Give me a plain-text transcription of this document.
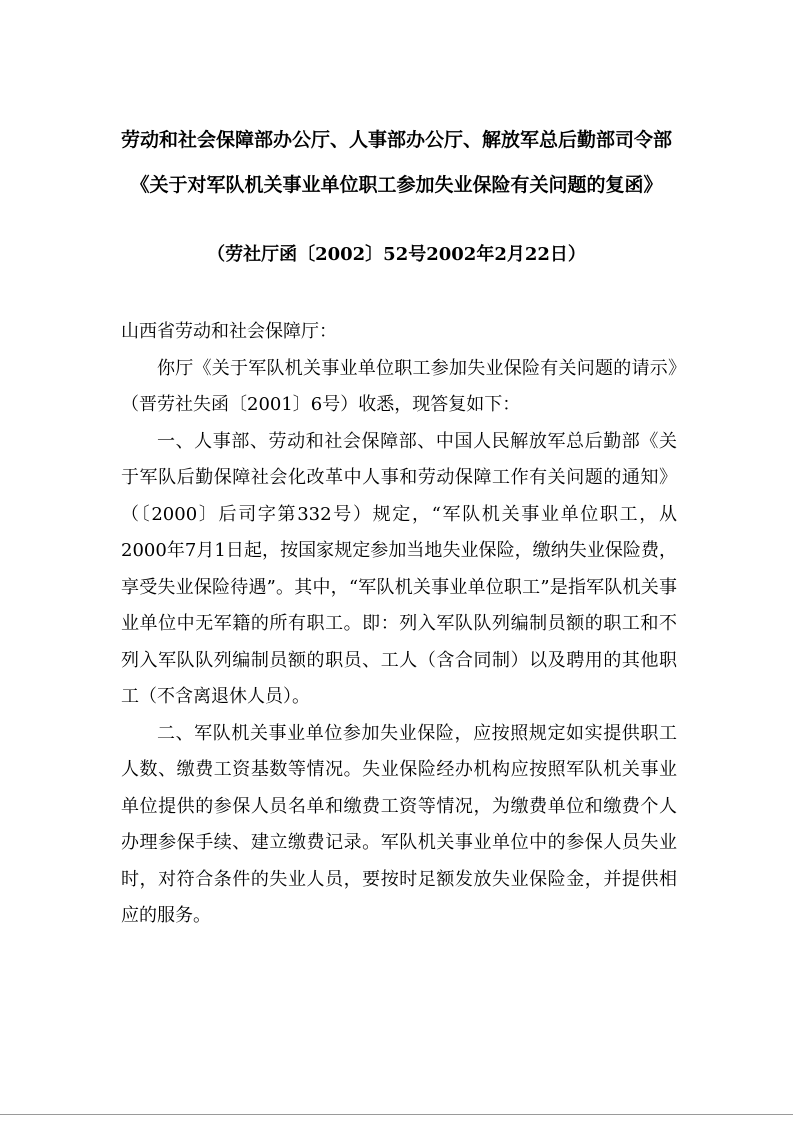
劳动和社会保障部办公厅、人事部办公厅、解放军总后勤部司令部
《关于对军队机关事业单位职工参加失业保险有关问题的复函》
（劳社厅函〔2002〕52号2002年2月22日）

山西省劳动和社会保障厅：

你厅《关于军队机关事业单位职工参加失业保险有关问题的请示》（晋劳社失函〔2001〕6号）收悉，现答复如下：

一、人事部、劳动和社会保障部、中国人民解放军总后勤部《关于军队后勤保障社会化改革中人事和劳动保障工作有关问题的通知》（〔2000〕后司字第332号）规定，“军队机关事业单位职工，从2000年7月1日起，按国家规定参加当地失业保险，缴纳失业保险费，享受失业保险待遇”。其中，“军队机关事业单位职工”是指军队机关事业单位中无军籍的所有职工。即：列入军队队列编制员额的职工和不列入军队队列编制员额的职员、工人（含合同制）以及聘用的其他职工（不含离退休人员）。

二、军队机关事业单位参加失业保险，应按照规定如实提供职工人数、缴费工资基数等情况。失业保险经办机构应按照军队机关事业单位提供的参保人员名单和缴费工资等情况，为缴费单位和缴费个人办理参保手续、建立缴费记录。军队机关事业单位中的参保人员失业时，对符合条件的失业人员，要按时足额发放失业保险金，并提供相应的服务。
